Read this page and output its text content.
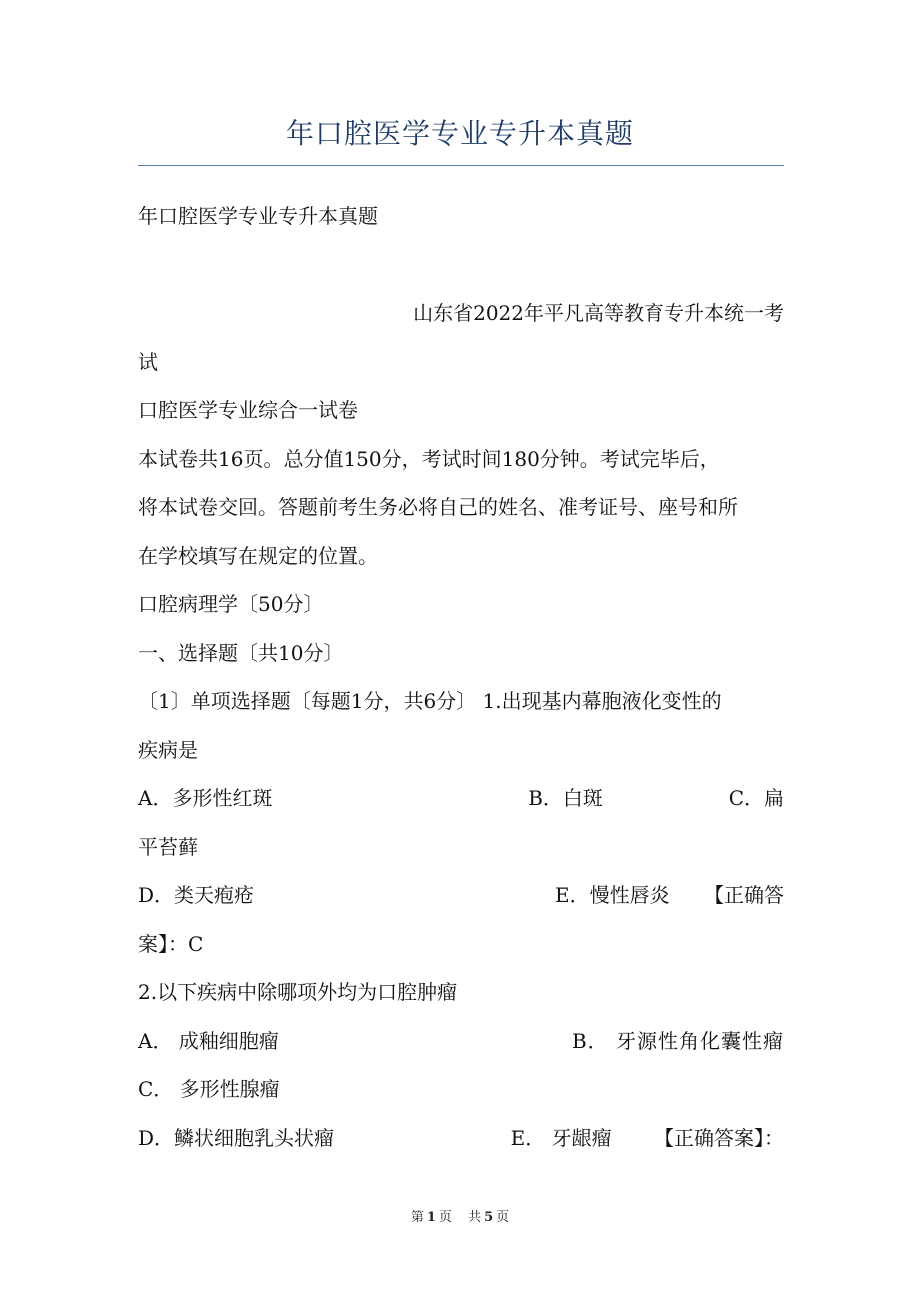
年口腔医学专业专升本真题
年口腔医学专业专升本真题
山东省2022年平凡高等教育专升本统一考
试
口腔医学专业综合一试卷
本试卷共16页。总分值150分，考试时间180分钟。考试完毕后，
将本试卷交回。答题前考生务必将自己的姓名、准考证号、座号和所
在学校填写在规定的位置。
口腔病理学〔50分〕
一、选择题〔共10分〕
〔1〕单项选择题〔每题1分，共6分〕 1.出现基内幕胞液化变性的
疾病是
A．多形性红斑	B．白斑	C．扁
平苔藓
D．类天疱疮	E．慢性唇炎 【正确答
案】：C
2.以下疾病中除哪项外均为口腔肿瘤
A． 成釉细胞瘤	B． 牙源性角化囊性瘤
C． 多形性腺瘤
D．鳞状细胞乳头状瘤	E． 牙龈瘤 【正确答案】：
第 1 页 共 5 页
